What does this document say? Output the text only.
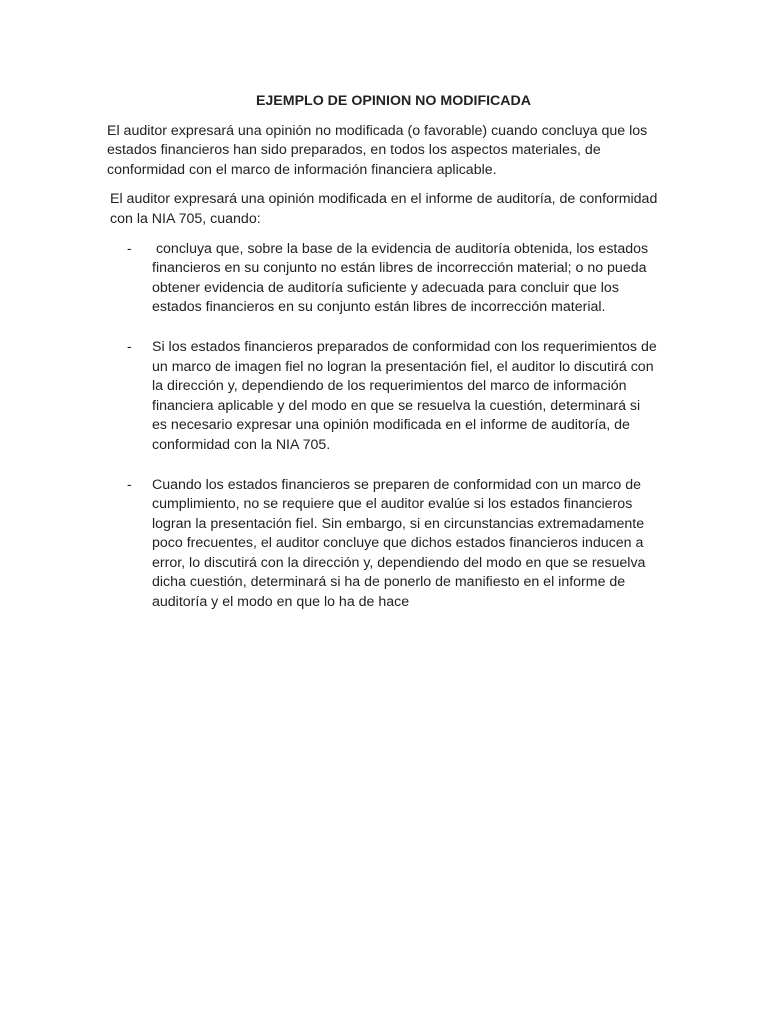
EJEMPLO DE OPINION NO MODIFICADA
El auditor expresará una opinión no modificada (o favorable) cuando concluya que los estados financieros han sido preparados, en todos los aspectos materiales, de conformidad con el marco de información financiera aplicable.
El auditor expresará una opinión modificada en el informe de auditoría, de conformidad con la NIA 705, cuando:
-	concluya que, sobre la base de la evidencia de auditoría obtenida, los estados financieros en su conjunto no están libres de incorrección material; o no pueda obtener evidencia de auditoría suficiente y adecuada para concluir que los estados financieros en su conjunto están libres de incorrección material.
-	Si los estados financieros preparados de conformidad con los requerimientos de un marco de imagen fiel no logran la presentación fiel, el auditor lo discutirá con la dirección y, dependiendo de los requerimientos del marco de información financiera aplicable y del modo en que se resuelva la cuestión, determinará si es necesario expresar una opinión modificada en el informe de auditoría, de conformidad con la NIA 705.
-	Cuando los estados financieros se preparen de conformidad con un marco de cumplimiento, no se requiere que el auditor evalúe si los estados financieros logran la presentación fiel. Sin embargo, si en circunstancias extremadamente poco frecuentes, el auditor concluye que dichos estados financieros inducen a error, lo discutirá con la dirección y, dependiendo del modo en que se resuelva dicha cuestión, determinará si ha de ponerlo de manifiesto en el informe de auditoría y el modo en que lo ha de hace
